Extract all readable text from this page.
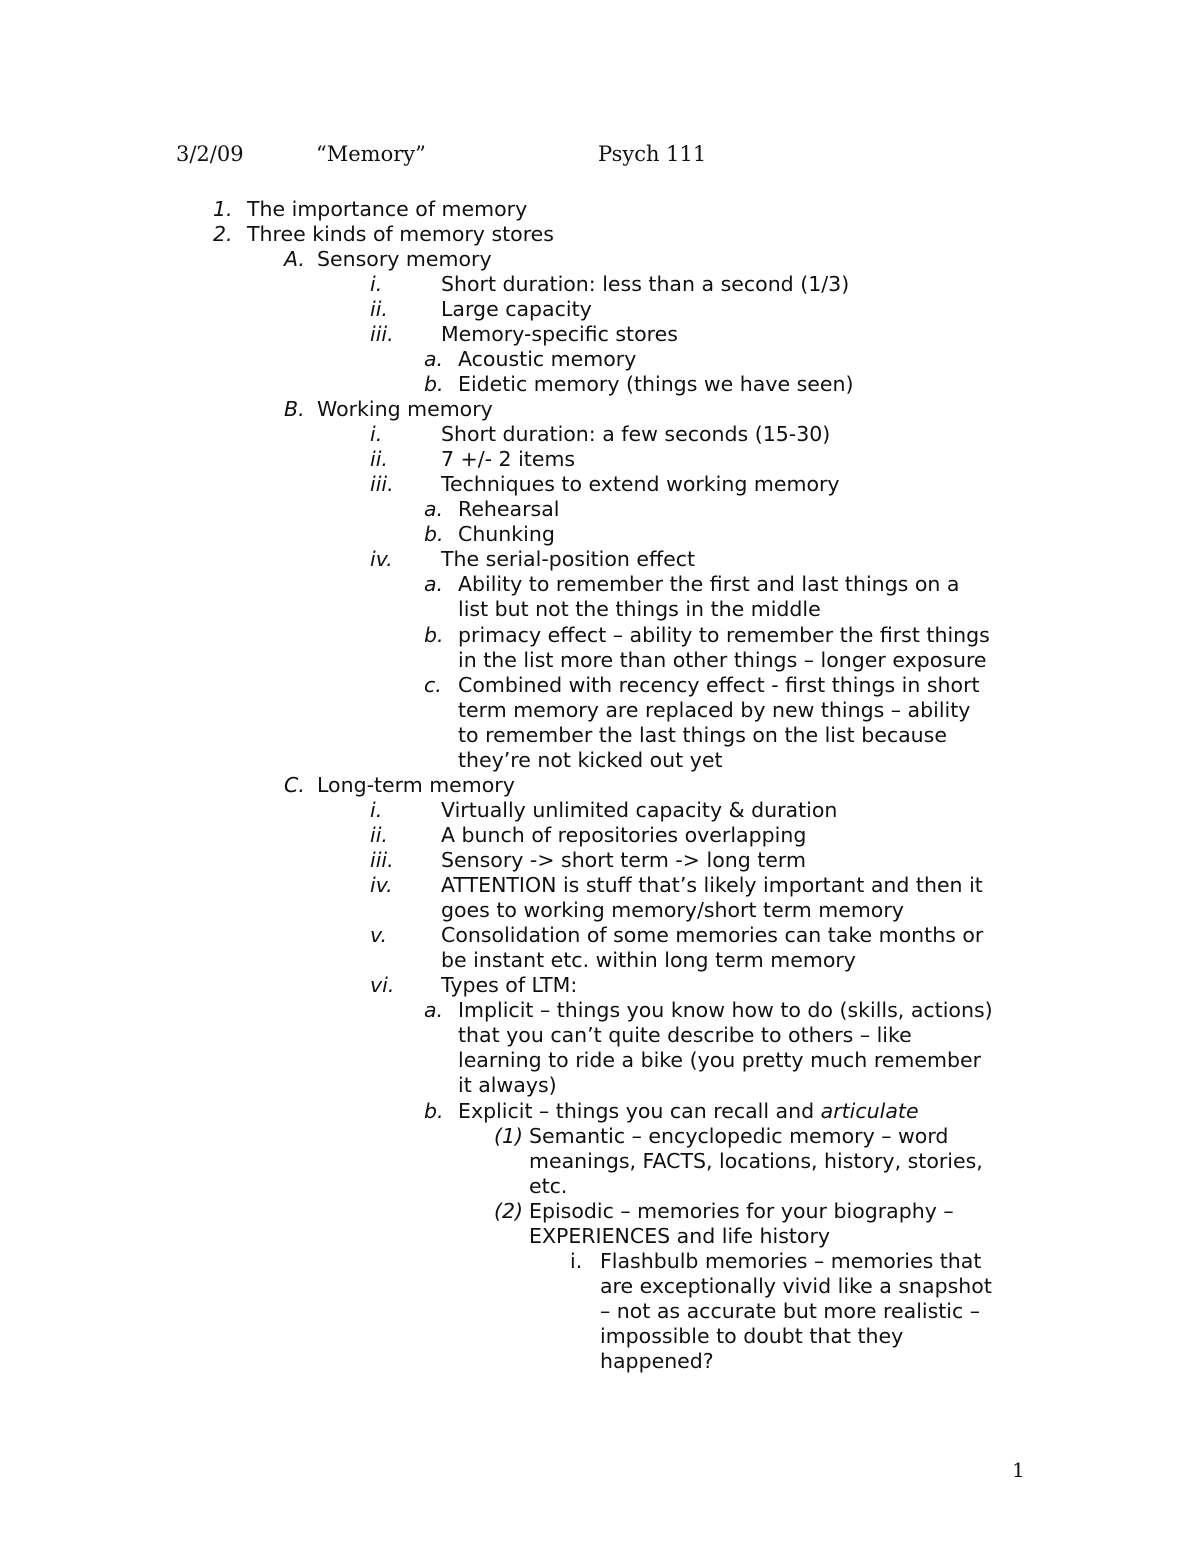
3/2/09	“Memory”	Psych 111
1. The importance of memory
2. Three kinds of memory stores
A. Sensory memory
i.	Short duration: less than a second (1/3)
ii.	Large capacity
iii. Memory-specific stores
a. Acoustic memory
b. Eidetic memory (things we have seen)
B. Working memory
i.	Short duration: a few seconds (15-30)
ii.	7 +/- 2 items
iii. Techniques to extend working memory
a. Rehearsal
b. Chunking
iv. The serial-position effect
a. Ability to remember the first and last things on a
list but not the things in the middle
b. primacy effect – ability to remember the first things
in the list more than other things – longer exposure
c. Combined with recency effect - first things in short
term memory are replaced by new things – ability
to remember the last things on the list because
they’re not kicked out yet
C. Long-term memory
i.	Virtually unlimited capacity & duration
ii.	A bunch of repositories overlapping
iii. Sensory -> short term -> long term
iv. ATTENTION is stuff that’s likely important and then it
goes to working memory/short term memory
v.	Consolidation of some memories can take months or
be instant etc. within long term memory
vi. Types of LTM:
a. Implicit – things you know how to do (skills, actions)
that you can’t quite describe to others – like
learning to ride a bike (you pretty much remember
it always)
b. Explicit – things you can recall and articulate
(1) Semantic – encyclopedic memory – word
meanings, FACTS, locations, history, stories,
etc.
(2) Episodic – memories for your biography –
EXPERIENCES and life history
i. Flashbulb memories – memories that
are exceptionally vivid like a snapshot
– not as accurate but more realistic –
impossible to doubt that they
happened?
1
